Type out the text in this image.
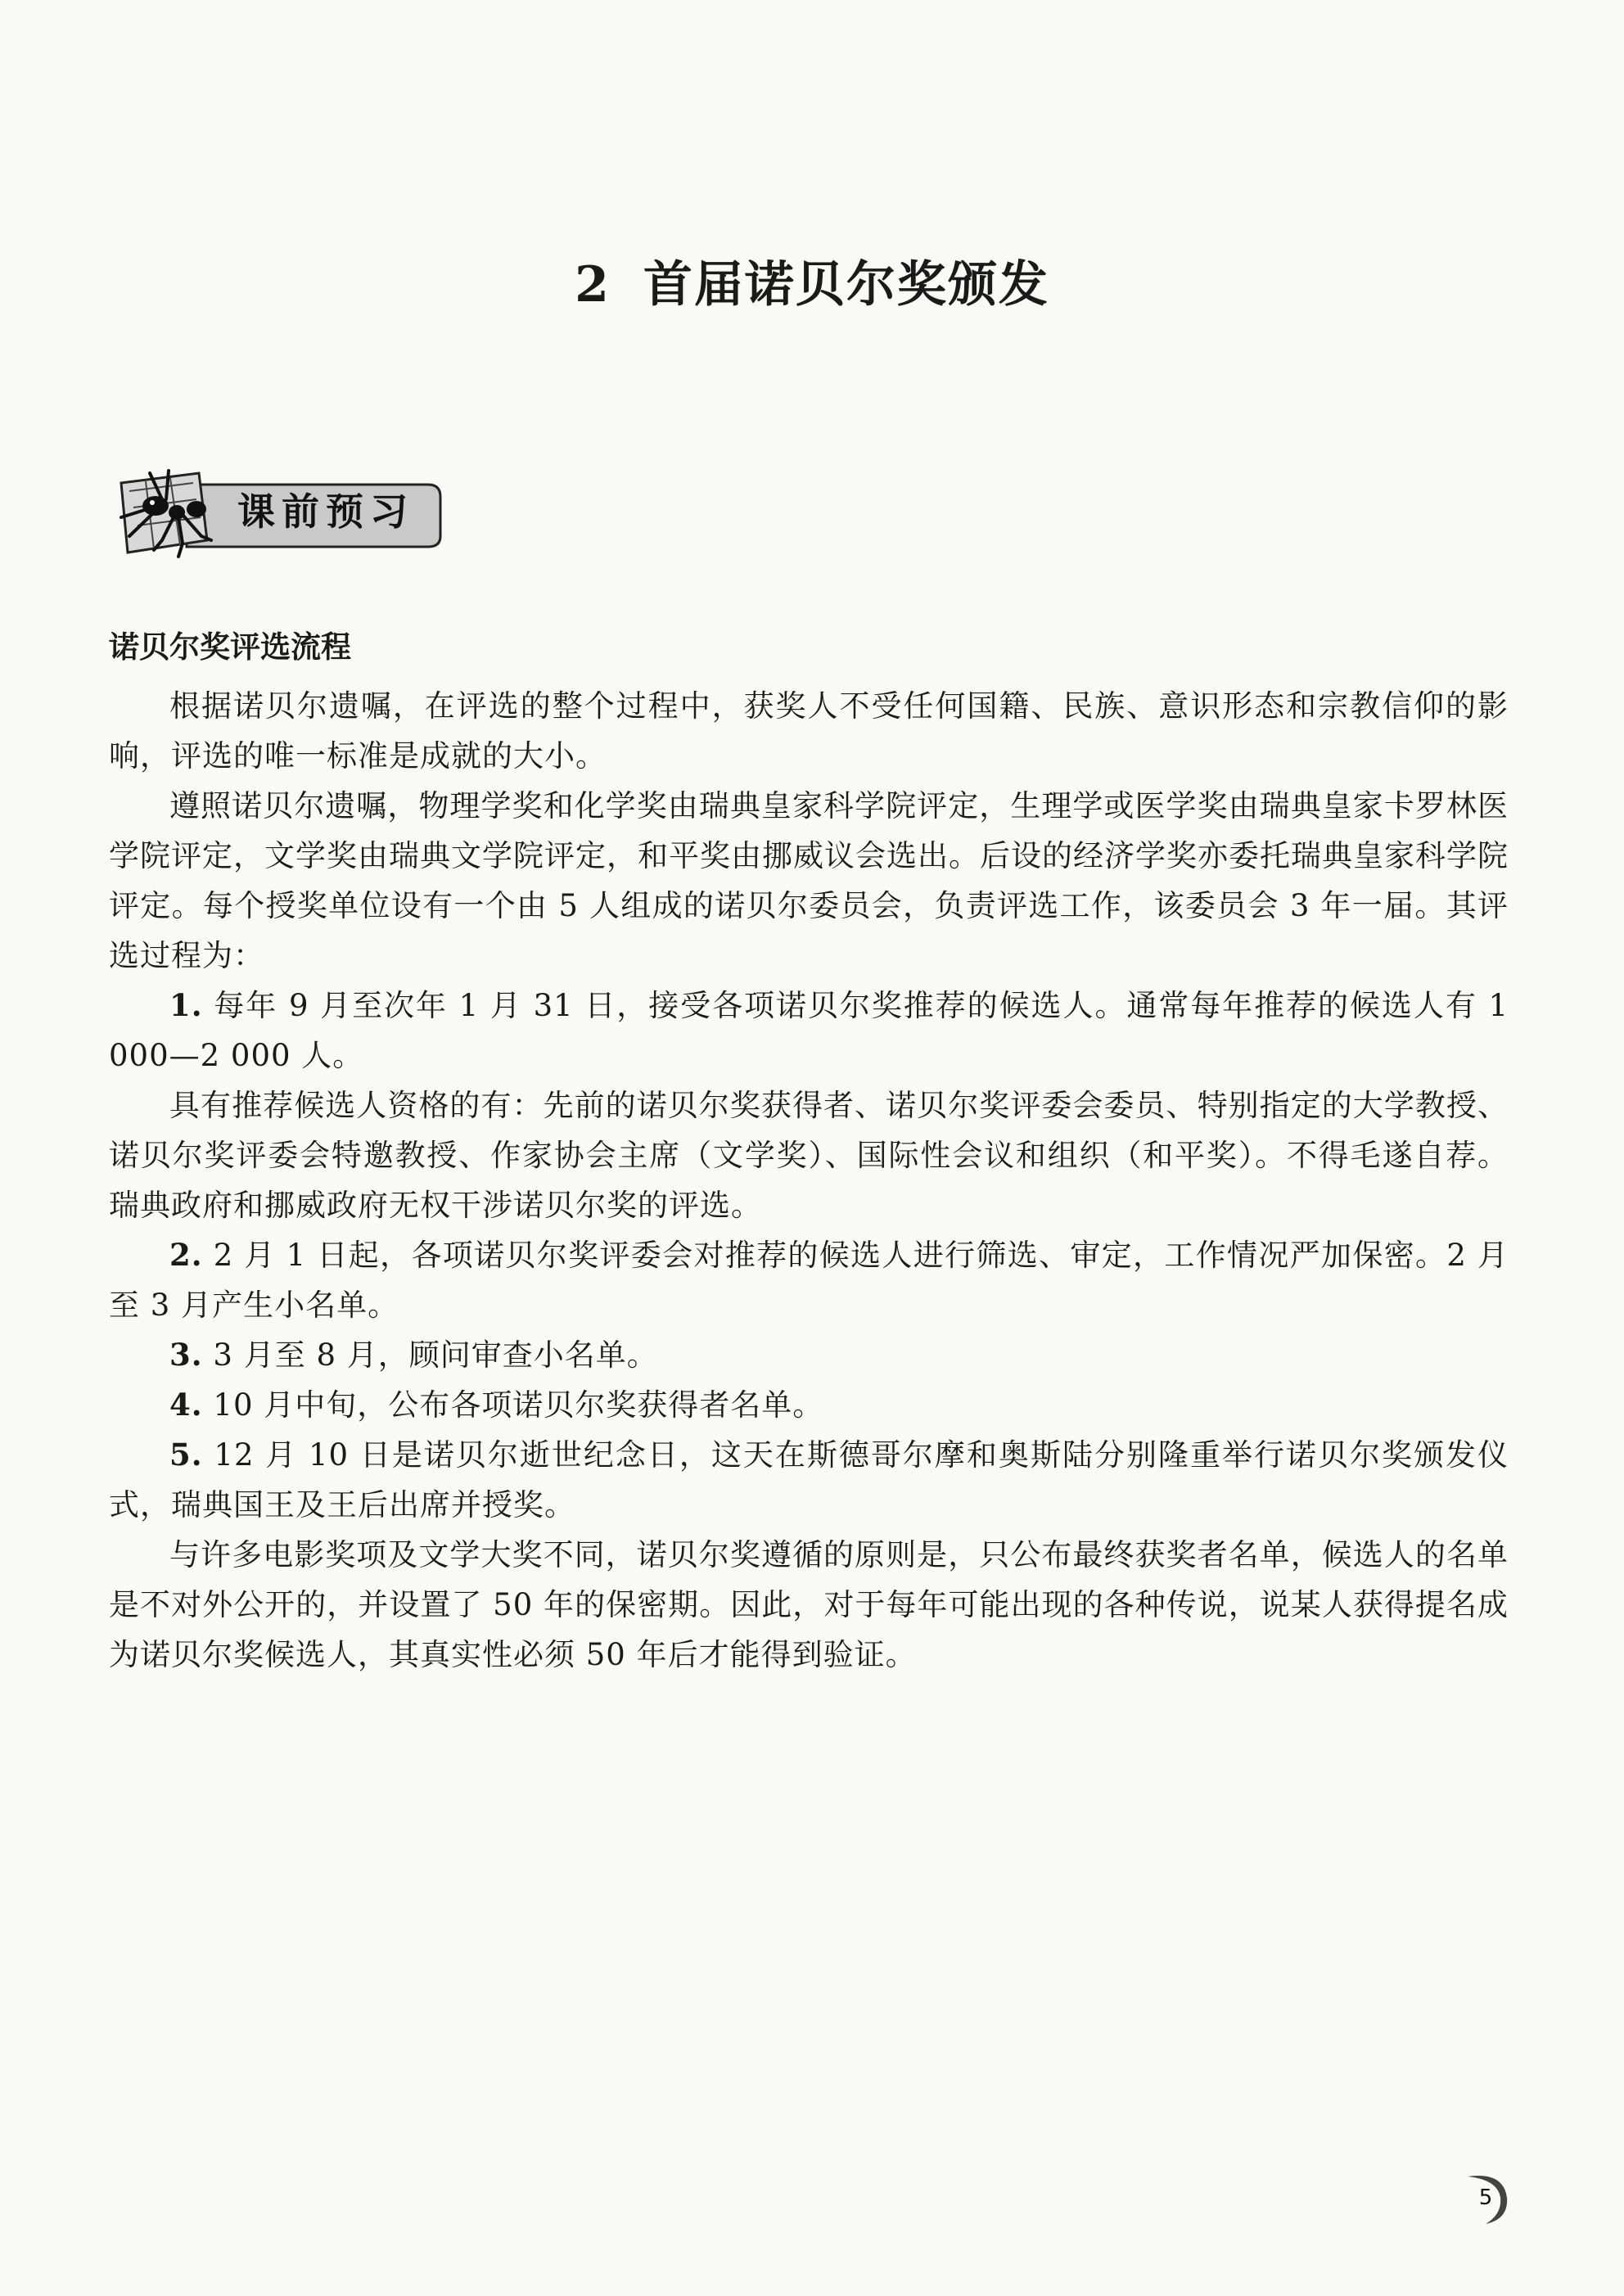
2 首届诺贝尔奖颁发
课前预习
诺贝尔奖评选流程

根据诺贝尔遗嘱，在评选的整个过程中，获奖人不受任何国籍、民族、意识形态和宗教信仰的影响，评选的唯一标准是成就的大小。

遵照诺贝尔遗嘱，物理学奖和化学奖由瑞典皇家科学院评定，生理学或医学奖由瑞典皇家卡罗林医学院评定，文学奖由瑞典文学院评定，和平奖由挪威议会选出。后设的经济学奖亦委托瑞典皇家科学院评定。每个授奖单位设有一个由 5 人组成的诺贝尔委员会，负责评选工作，该委员会 3 年一届。其评选过程为：

1. 每年 9 月至次年 1 月 31 日，接受各项诺贝尔奖推荐的候选人。通常每年推荐的候选人有 1 000—2 000 人。

具有推荐候选人资格的有：先前的诺贝尔奖获得者、诺贝尔奖评委会委员、特别指定的大学教授、诺贝尔奖评委会特邀教授、作家协会主席（文学奖）、国际性会议和组织（和平奖）。不得毛遂自荐。瑞典政府和挪威政府无权干涉诺贝尔奖的评选。

2. 2 月 1 日起，各项诺贝尔奖评委会对推荐的候选人进行筛选、审定，工作情况严加保密。2 月至 3 月产生小名单。

3. 3 月至 8 月，顾问审查小名单。

4. 10 月中旬，公布各项诺贝尔奖获得者名单。

5. 12 月 10 日是诺贝尔逝世纪念日，这天在斯德哥尔摩和奥斯陆分别隆重举行诺贝尔奖颁发仪式，瑞典国王及王后出席并授奖。

与许多电影奖项及文学大奖不同，诺贝尔奖遵循的原则是，只公布最终获奖者名单，候选人的名单是不对外公开的，并设置了 50 年的保密期。因此，对于每年可能出现的各种传说，说某人获得提名成为诺贝尔奖候选人，其真实性必须 50 年后才能得到验证。

5
